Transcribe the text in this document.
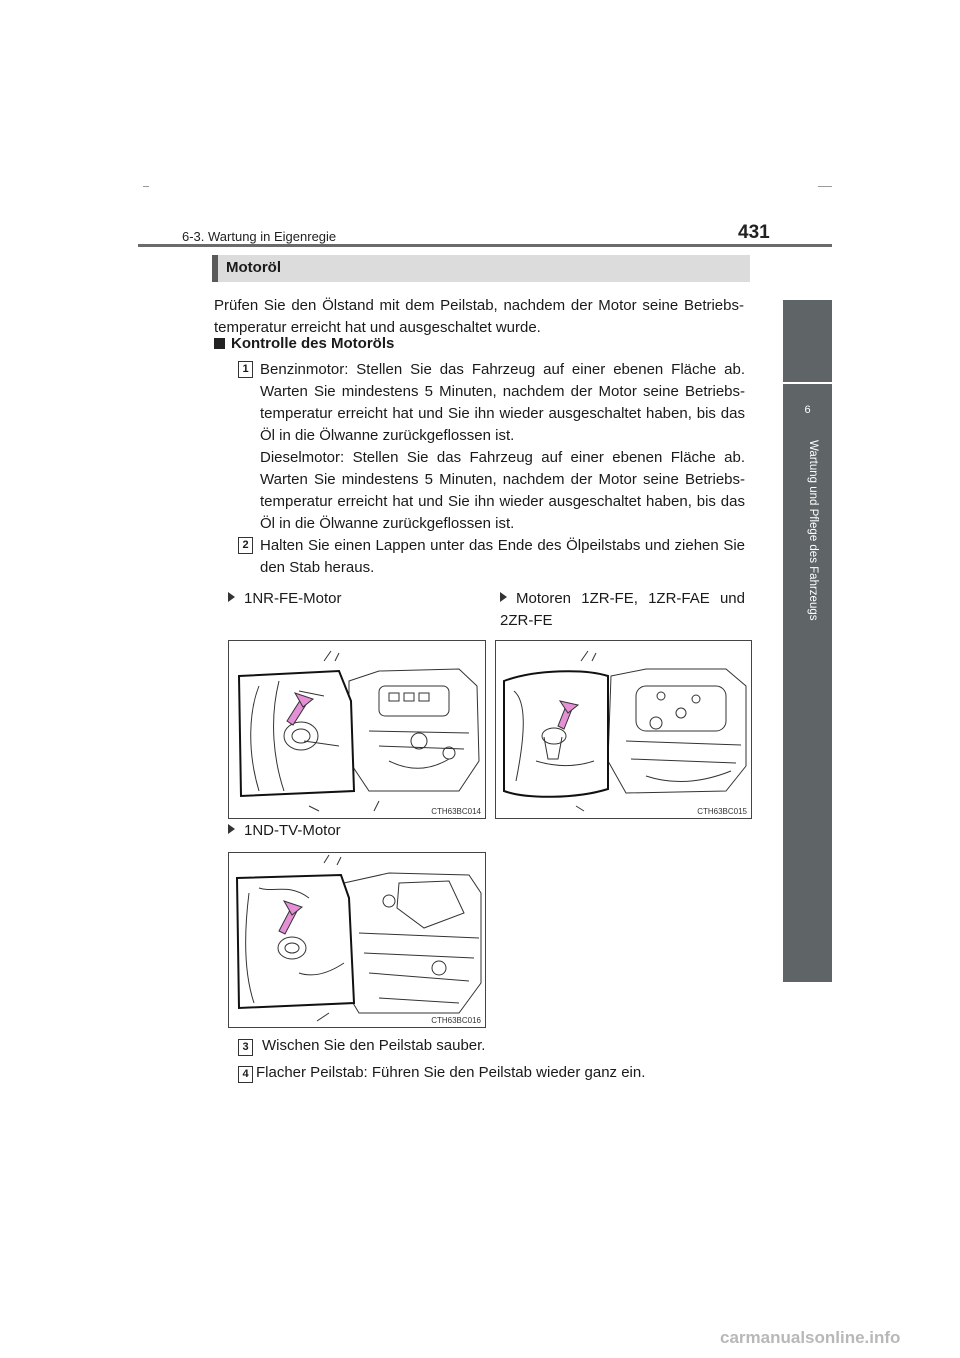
6-3. Wartung in Eigenregie	431
6
Wartung und Pflege des Fahrzeugs
Motoröl
Prüfen Sie den Ölstand mit dem Peilstab, nachdem der Motor seine Betriebs-temperatur erreicht hat und ausgeschaltet wurde.
Kontrolle des Motoröls
1 Benzinmotor: Stellen Sie das Fahrzeug auf einer ebenen Fläche ab. Warten Sie mindestens 5 Minuten, nachdem der Motor seine Betriebs-temperatur erreicht hat und Sie ihn wieder ausgeschaltet haben, bis das Öl in die Ölwanne zurückgeflossen ist.
Dieselmotor: Stellen Sie das Fahrzeug auf einer ebenen Fläche ab. Warten Sie mindestens 5 Minuten, nachdem der Motor seine Betriebs-temperatur erreicht hat und Sie ihn wieder ausgeschaltet haben, bis das Öl in die Ölwanne zurückgeflossen ist.
2 Halten Sie einen Lappen unter das Ende des Ölpeilstabs und ziehen Sie den Stab heraus.
1NR-FE-Motor	Motoren 1ZR-FE, 1ZR-FAE und 2ZR-FE
CTH63BC014	CTH63BC015
1ND-TV-Motor
CTH63BC016
3 Wischen Sie den Peilstab sauber.
4 Flacher Peilstab: Führen Sie den Peilstab wieder ganz ein.
carmanualsonline.info
